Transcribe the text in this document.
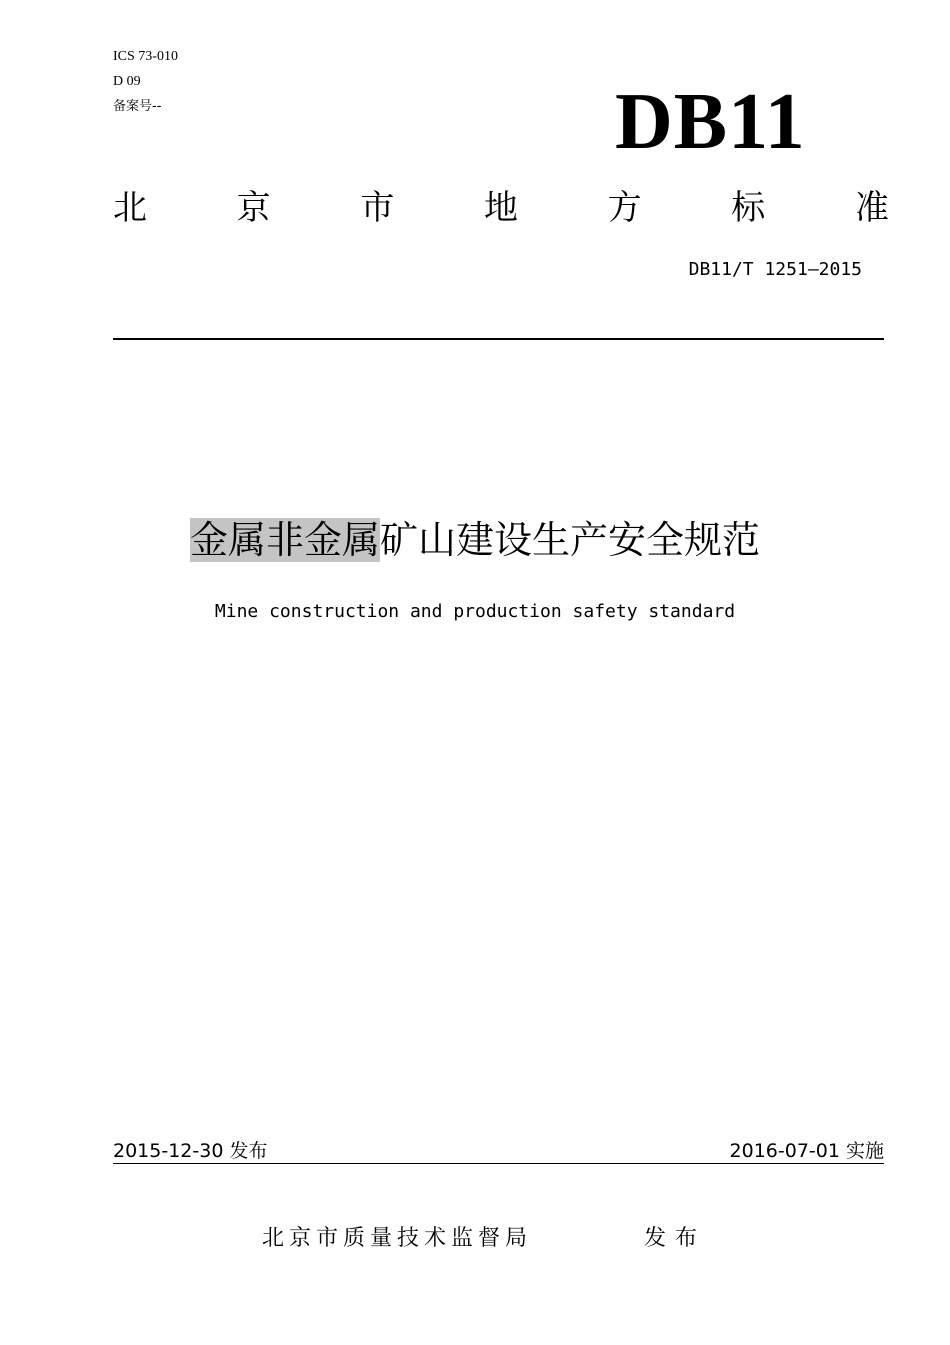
ICS 73-010
D 09
备案号--	DB11
北	京	市	地	方	标	准
DB11/T 1251—2015
金属非金属矿山建设生产安全规范
Mine construction and production safety standard
2015-12-30 发布	2016-07-01 实施
北京市质量技术监督局	发布
